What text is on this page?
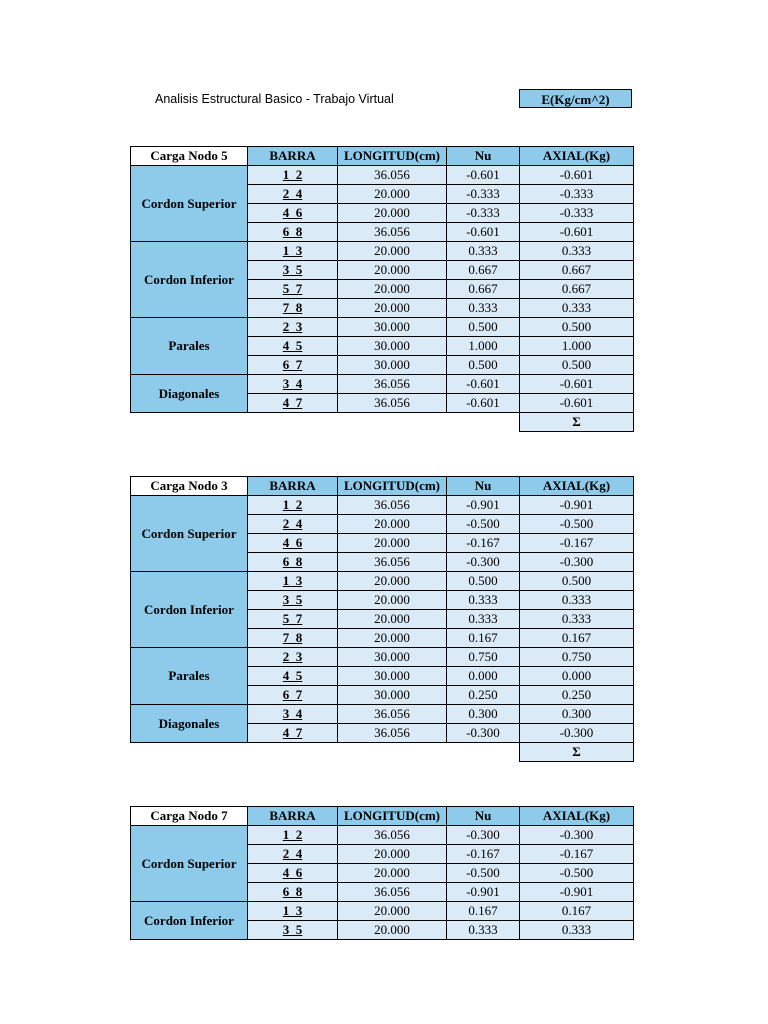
Analisis Estructural Basico - Trabajo Virtual	E(Kg/cm^2)
Carga Nodo 5	BARRA	LONGITUD(cm)	Nu	AXIAL(Kg)
Cordon Superior	1_2	36.056	-0.601	-0.601
	2_4	20.000	-0.333	-0.333
	4_6	20.000	-0.333	-0.333
	6_8	36.056	-0.601	-0.601
Cordon Inferior	1_3	20.000	0.333	0.333
	3_5	20.000	0.667	0.667
	5_7	20.000	0.667	0.667
	7_8	20.000	0.333	0.333
Parales	2_3	30.000	0.500	0.500
	4_5	30.000	1.000	1.000
	6_7	30.000	0.500	0.500
Diagonales	3_4	36.056	-0.601	-0.601
	4_7	36.056	-0.601	-0.601
				Σ
Carga Nodo 3	BARRA	LONGITUD(cm)	Nu	AXIAL(Kg)
Cordon Superior	1_2	36.056	-0.901	-0.901
	2_4	20.000	-0.500	-0.500
	4_6	20.000	-0.167	-0.167
	6_8	36.056	-0.300	-0.300
Cordon Inferior	1_3	20.000	0.500	0.500
	3_5	20.000	0.333	0.333
	5_7	20.000	0.333	0.333
	7_8	20.000	0.167	0.167
Parales	2_3	30.000	0.750	0.750
	4_5	30.000	0.000	0.000
	6_7	30.000	0.250	0.250
Diagonales	3_4	36.056	0.300	0.300
	4_7	36.056	-0.300	-0.300
				Σ
Carga Nodo 7	BARRA	LONGITUD(cm)	Nu	AXIAL(Kg)
Cordon Superior	1_2	36.056	-0.300	-0.300
	2_4	20.000	-0.167	-0.167
	4_6	20.000	-0.500	-0.500
	6_8	36.056	-0.901	-0.901
Cordon Inferior	1_3	20.000	0.167	0.167
	3_5	20.000	0.333	0.333
